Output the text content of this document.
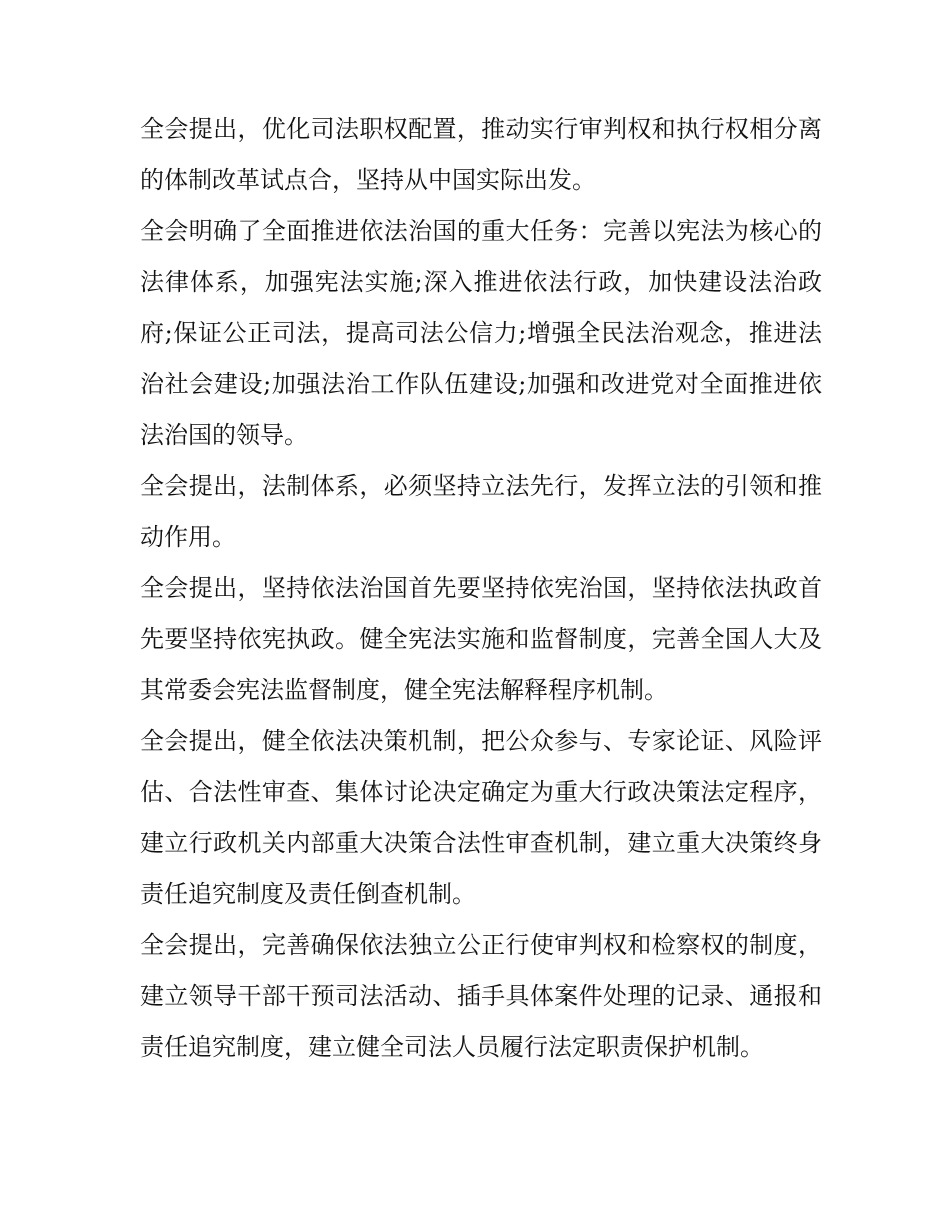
全会提出，优化司法职权配置，推动实行审判权和执行权相分离的体制改革试点合，坚持从中国实际出发。

全会明确了全面推进依法治国的重大任务：完善以宪法为核心的法律体系，加强宪法实施;深入推进依法行政，加快建设法治政府;保证公正司法，提高司法公信力;增强全民法治观念，推进法治社会建设;加强法治工作队伍建设;加强和改进党对全面推进依法治国的领导。

全会提出，法制体系，必须坚持立法先行，发挥立法的引领和推动作用。

全会提出，坚持依法治国首先要坚持依宪治国，坚持依法执政首先要坚持依宪执政。健全宪法实施和监督制度，完善全国人大及其常委会宪法监督制度，健全宪法解释程序机制。

全会提出，健全依法决策机制，把公众参与、专家论证、风险评估、合法性审查、集体讨论决定确定为重大行政决策法定程序，建立行政机关内部重大决策合法性审查机制，建立重大决策终身责任追究制度及责任倒查机制。

全会提出，完善确保依法独立公正行使审判权和检察权的制度，建立领导干部干预司法活动、插手具体案件处理的记录、通报和责任追究制度，建立健全司法人员履行法定职责保护机制。
